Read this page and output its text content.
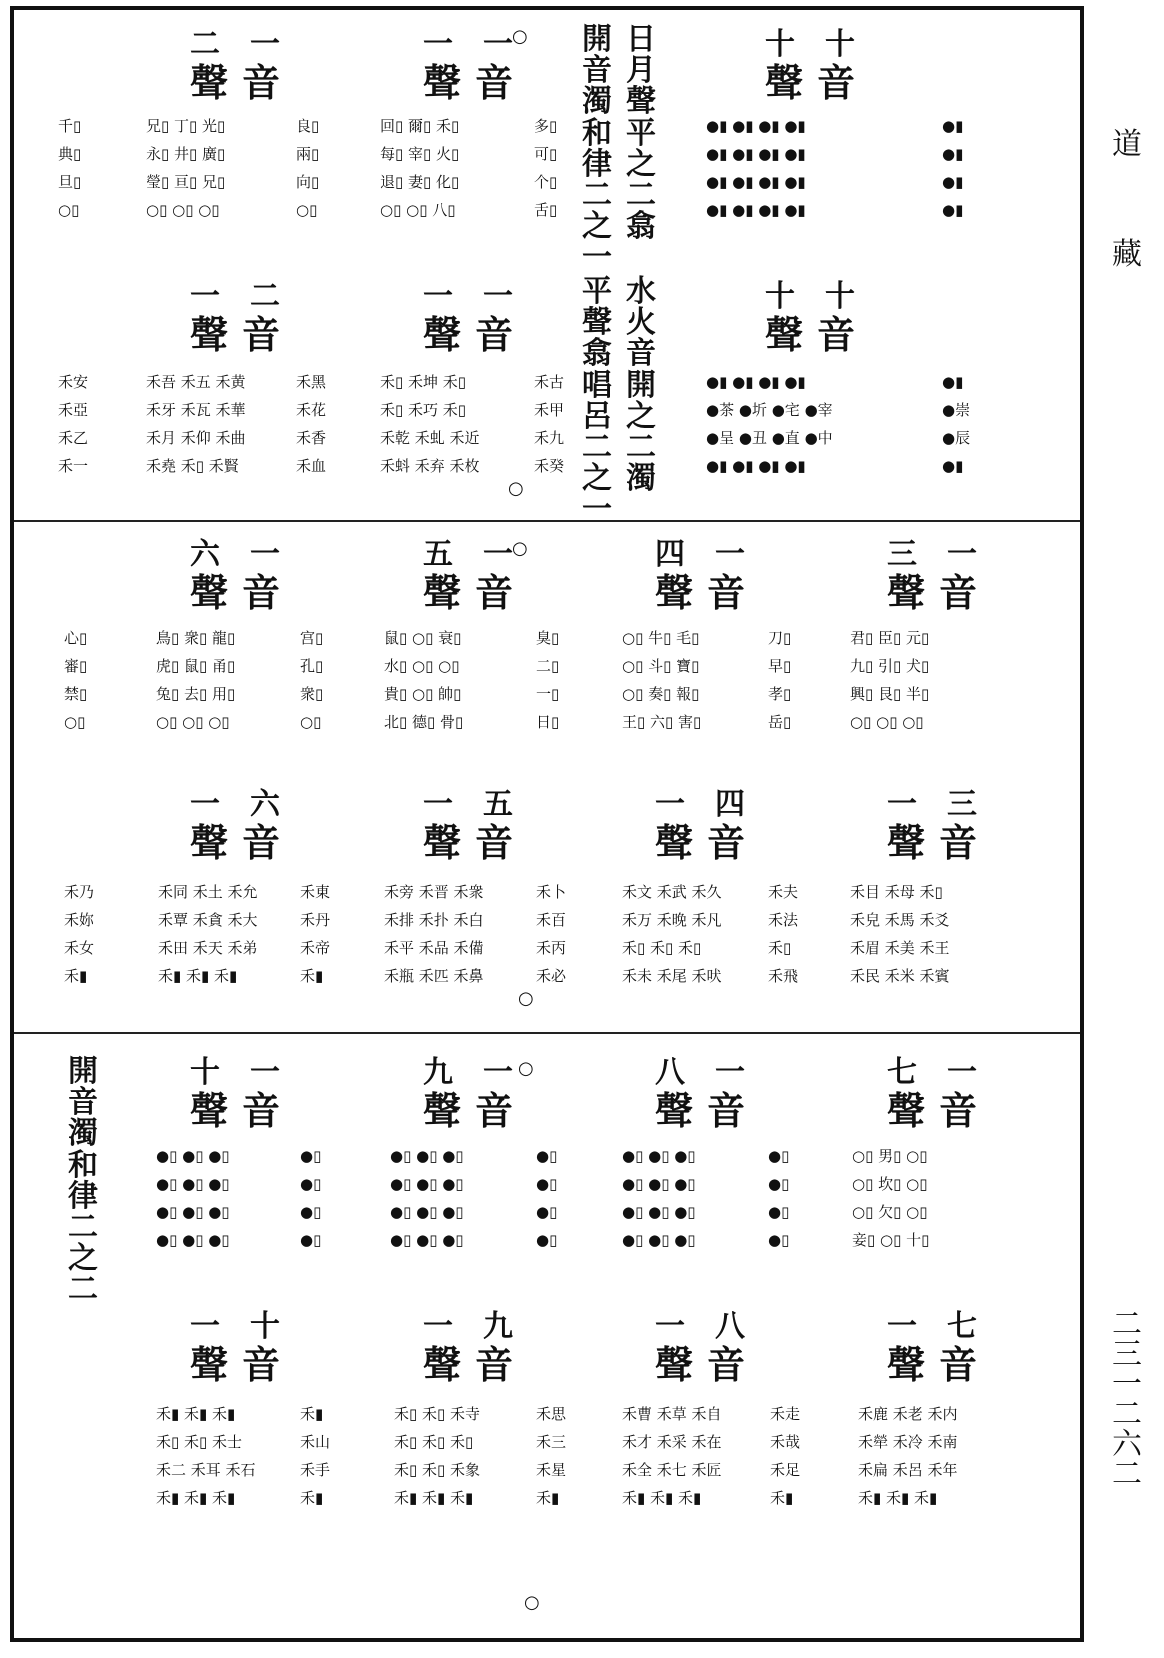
道
藏
二
三
一
二
六
二
日
月
聲
平
之
二
翕
開
音
濁
和
律
二
之
一
水
火
音
開
之
二
濁
平
聲
翕
唱
呂
二
之
一
開
音
濁
和
律
二
之
二
○
○
○
○
○
○
二 一
聲 音
一 一
聲 音
十 十
聲 音
一 二
聲 音
一 一
聲 音
十 十
聲 音
六 一
聲 音
五 一
聲 音
四 一
聲 音
三 一
聲 音
一 六
聲 音
一 五
聲 音
一 四
聲 音
一 三
聲 音
十 一
聲 音
九 一
聲 音
八 一
聲 音
七 一
聲 音
一 十
聲 音
一 九
聲 音
一 八
聲 音
一 七
聲 音
千▯
典▯
旦▯
○▯
兄▯ 丁▯ 光▯
永▯ 井▯ 廣▯
瑩▯ 亘▯ 兄▯
○▯ ○▯ ○▯
良▯
兩▯
向▯
○▯
回▯ 爾▯ 禾▯
每▯ 宰▯ 火▯
退▯ 妻▯ 化▯
○▯ ○▯ 八▯
多▯
可▯
个▯
舌▯
●▮ ●▮ ●▮ ●▮
●▮ ●▮ ●▮ ●▮
●▮ ●▮ ●▮ ●▮
●▮ ●▮ ●▮ ●▮
●▮
●▮
●▮
●▮
禾安
禾亞
禾乙
禾一
禾吾 禾五 禾黄
禾牙 禾瓦 禾華
禾月 禾仰 禾曲
禾堯 禾▯ 禾賢
禾黑
禾花
禾香
禾血
禾▯ 禾坤 禾▯
禾▯ 禾巧 禾▯
禾乾 禾虬 禾近
禾蚪 禾弃 禾枚
禾古
禾甲
禾九
禾癸
●▮ ●▮ ●▮ ●▮
●茶 ●圻 ●宅 ●宰
●呈 ●丑 ●直 ●中
●▮ ●▮ ●▮ ●▮
●▮
●崇
●辰
●▮
心▯
審▯
禁▯
○▯
鳥▯ 衆▯ 龍▯
虎▯ 鼠▯ 甬▯
兔▯ 去▯ 用▯
○▯ ○▯ ○▯
宫▯
孔▯
衆▯
○▯
鼠▯ ○▯ 衰▯
水▯ ○▯ ○▯
貴▯ ○▯ 帥▯
北▯ 德▯ 骨▯
臭▯
二▯
一▯
日▯
○▯ 牛▯ 毛▯
○▯ 斗▯ 寶▯
○▯ 奏▯ 報▯
王▯ 六▯ 害▯
刀▯
早▯
孝▯
岳▯
君▯ 臣▯ 元▯
九▯ 引▯ 犬▯
興▯ 艮▯ 半▯
○▯ ○▯ ○▯
禾乃
禾妳
禾女
禾▮
禾同 禾土 禾允
禾覃 禾貪 禾大
禾田 禾天 禾弟
禾▮ 禾▮ 禾▮
禾東
禾丹
禾帝
禾▮
禾旁 禾晋 禾衆
禾排 禾扑 禾白
禾平 禾品 禾備
禾瓶 禾匹 禾鼻
禾卜
禾百
禾丙
禾必
禾文 禾武 禾久
禾万 禾晚 禾凡
禾▯ 禾▯ 禾▯
禾未 禾尾 禾吠
禾夫
禾法
禾▯
禾飛
禾目 禾母 禾▯
禾皃 禾馬 禾爻
禾眉 禾美 禾王
禾民 禾米 禾賓
●▯ ●▯ ●▯
●▯ ●▯ ●▯
●▯ ●▯ ●▯
●▯ ●▯ ●▯
●▯
●▯
●▯
●▯
●▯ ●▯ ●▯
●▯ ●▯ ●▯
●▯ ●▯ ●▯
●▯ ●▯ ●▯
●▯
●▯
●▯
●▯
●▯ ●▯ ●▯
●▯ ●▯ ●▯
●▯ ●▯ ●▯
●▯ ●▯ ●▯
●▯
●▯
●▯
●▯
○▯ 男▯ ○▯
○▯ 坎▯ ○▯
○▯ 欠▯ ○▯
妾▯ ○▯ 十▯
禾▮ 禾▮ 禾▮
禾▯ 禾▯ 禾士
禾二 禾耳 禾石
禾▮ 禾▮ 禾▮
禾▮
禾山
禾手
禾▮
禾▯ 禾▯ 禾寺
禾▯ 禾▯ 禾▯
禾▯ 禾▯ 禾象
禾▮ 禾▮ 禾▮
禾思
禾三
禾星
禾▮
禾曹 禾草 禾自
禾才 禾采 禾在
禾全 禾七 禾匠
禾▮ 禾▮ 禾▮
禾走
禾哉
禾足
禾▮
禾鹿 禾老 禾内
禾犖 禾冷 禾南
禾扁 禾呂 禾年
禾▮ 禾▮ 禾▮
